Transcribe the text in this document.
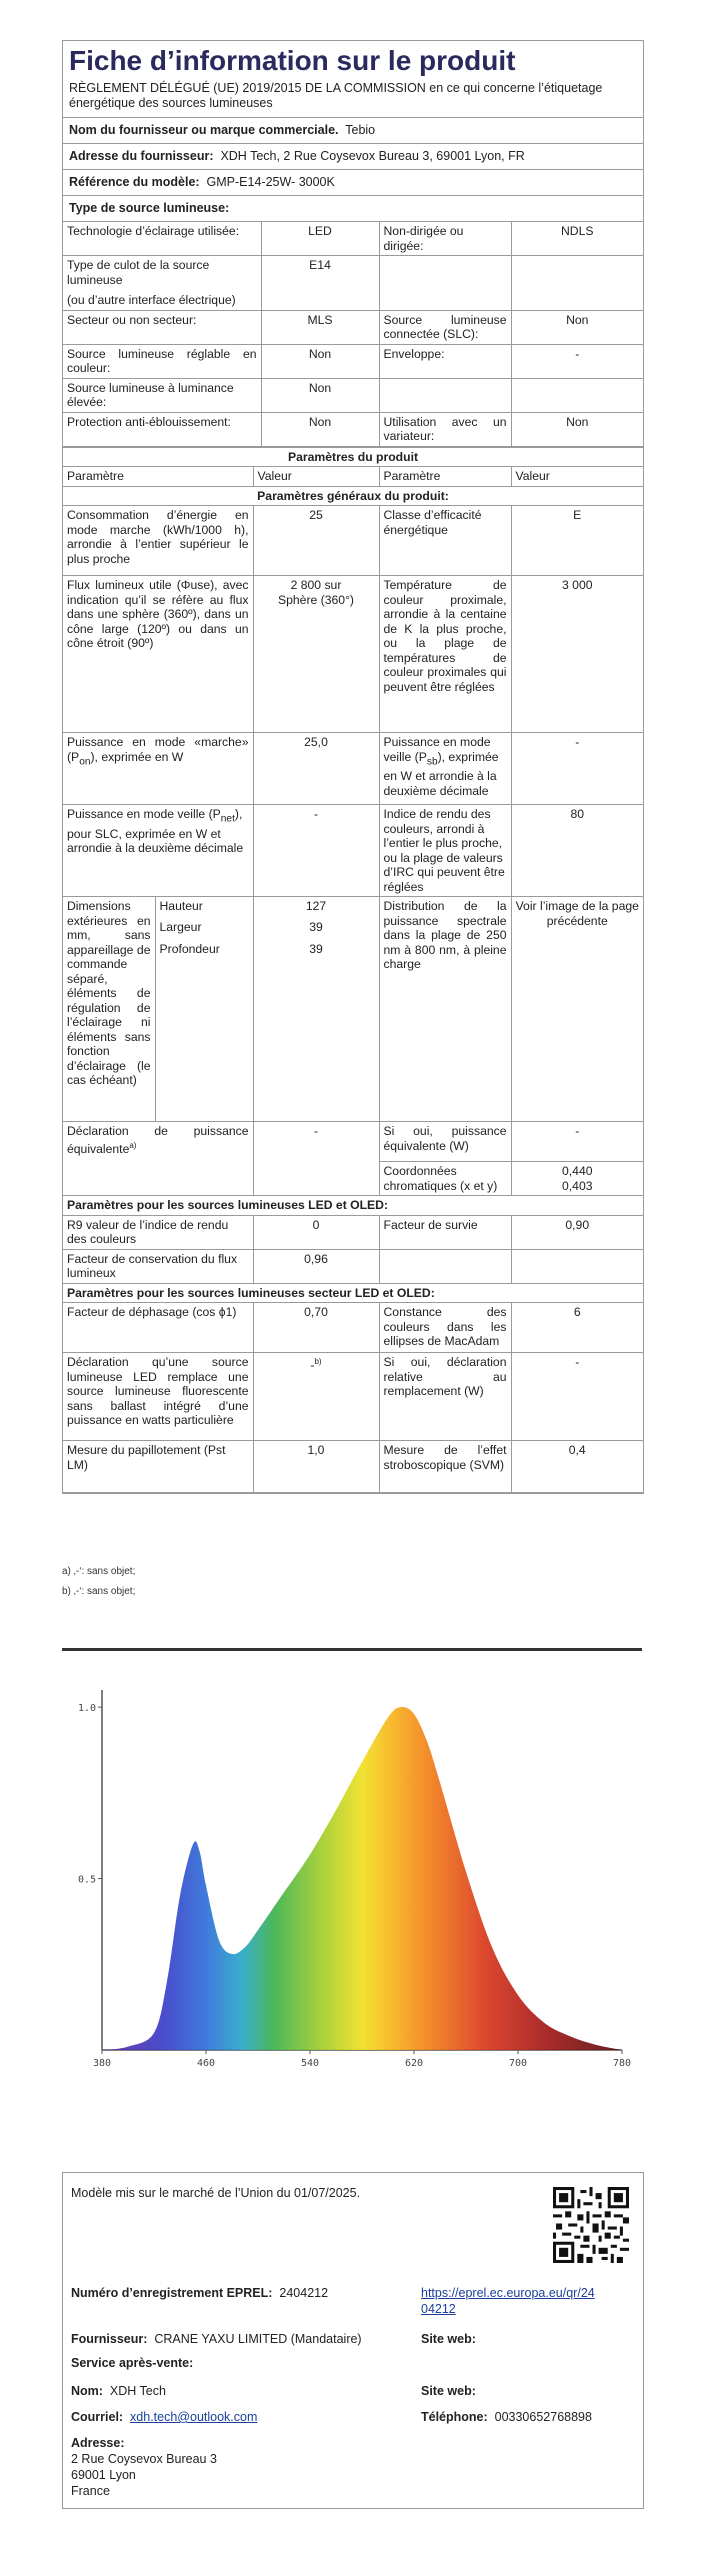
Fiche d’information sur le produit
RÈGLEMENT DÉLÉGUÉ (UE) 2019/2015 DE LA COMMISSION en ce qui concerne l’étiquetage énergétique des sources lumineuses
Nom du fournisseur ou marque commerciale. Tebio
Adresse du fournisseur: XDH Tech, 2 Rue Coysevox Bureau 3, 69001 Lyon, FR
Référence du modèle: GMP-E14-25W- 3000K
Type de source lumineuse:
Technologie d’éclairage utilisée:	LED	Non-dirigée ou dirigée:	NDLS

Type de culot de la source lumineuse
(ou d’autre interface électrique)	E14		
Secteur ou non secteur:	MLS	Source lumineuse connectée (SLC):	Non
Source lumineuse réglable en couleur:	Non	Enveloppe:	-
Source lumineuse à luminance élevée:	Non		
Protection anti-éblouissement:	Non	Utilisation avec un variateur:	Non
Paramètres du produit				
Paramètre		Valeur	Paramètre	Valeur
Paramètres généraux du produit:				
Consommation d’énergie en mode marche (kWh/1000 h), arrondie à l’entier supérieur le plus proche		25	Classe d’efficacité énergétique	E
Flux lumineux utile (Φuse), avec indication qu’il se réfère au flux dans une sphère (360º), dans un cône large (120º) ou dans un cône étroit (90º)		2 800 sur
Sphère (360°)	Température de couleur proximale, arrondie à la centaine de K la plus proche, ou la plage de températures de couleur proximales qui peuvent être réglées	3 000
Puissance en mode «marche» $(P_{on})$, exprimée en W		25,0	Puissance en mode veille $(P_{sb})$, exprimée en W et arrondie à la deuxième décimale	-
Puissance en mode veille $(P_{net})$, pour SLC, exprimée en W et arrondie à la deuxième décimale		-	Indice de rendu des couleurs, arrondi à l’entier le plus proche, ou la plage de valeurs d’IRC qui peuvent être réglées	80
Dimensions extérieures en mm, sans appareillage de commande séparé, éléments de régulation de l’éclairage ni éléments sans fonction d’éclairage (le cas échéant)	Hauteur	127	Distribution de la puissance spectrale dans la plage de 250 nm à 800 nm, à pleine charge	Voir l’image de la page précédente
	Largeur	39		
	Profondeur	39		
Déclaration de puissance équivalente$^{a)}$		-	Si oui, puissance équivalente (W)	-
			Coordonnées chromatiques (x et y)	0,440
0,403

Paramètres pour les sources lumineuses LED et OLED:				
R9 valeur de l’indice de rendu des couleurs		0	Facteur de survie	0,90
Facteur de conservation du flux lumineux		0,96		
Paramètres pour les sources lumineuses secteur LED et OLED:				
Facteur de déphasage (cos ϕ1)		0,70	Constance des couleurs dans les ellipses de MacAdam	6
Déclaration qu’une source lumineuse LED remplace une source lumineuse fluorescente sans ballast intégré d’une puissance en watts particulière		-$^{b)}$	Si oui, déclaration relative au remplacement (W)	-
Mesure du papillotement (Pst LM)		1,0	Mesure de l’effet stroboscopique (SVM)	0,4
a) ‚-‘: sans objet;
b) ‚-‘: sans objet;
380	460	540	620	700	780
0.5
1.0
Modèle mis sur le marché de l’Union du 01/07/2025.
Numéro d’enregistrement EPREL: 2404212	https://eprel.ec.europa.eu/qr/24
04212
Fournisseur: CRANE YAXU LIMITED (Mandataire)	Site web:
Service après-vente:
Nom: XDH Tech	Site web:
Courriel: xdh.tech@outlook.com	Téléphone: 00330652768898
Adresse:
2 Rue Coysevox Bureau 3
69001 Lyon
France
